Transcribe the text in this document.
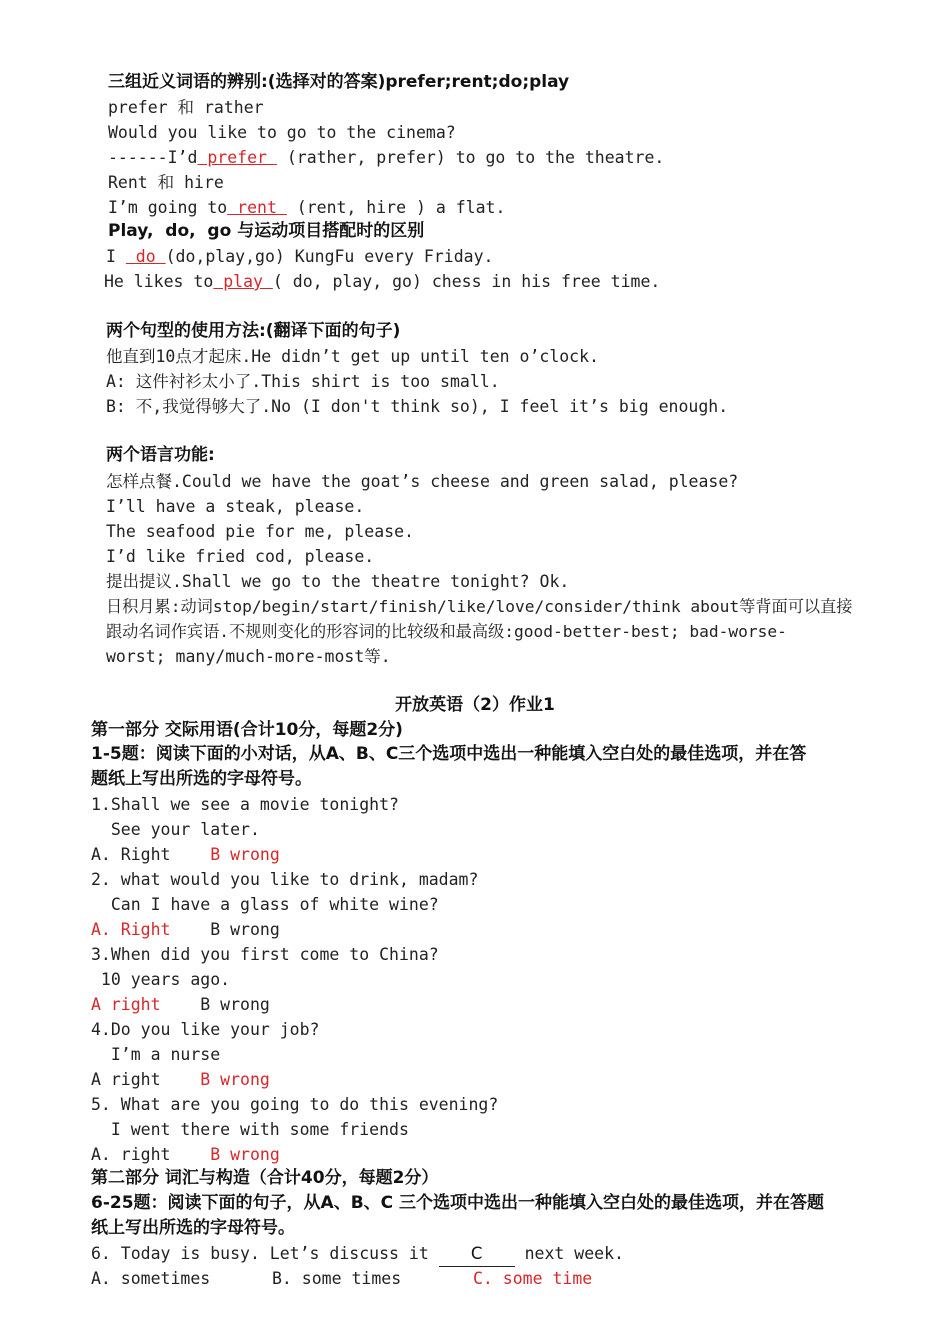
三组近义词语的辨别:(选择对的答案)prefer;rent;do;play
prefer 和 rather
Would you like to go to the cinema?
------I’d prefer  (rather, prefer) to go to the theatre.
Rent 和 hire
I’m going to rent  (rent, hire ) a flat.
Play,  do,  go 与运动项目搭配时的区别
I  do (do,play,go) KungFu every Friday.
He likes to play ( do, play, go) chess in his free time.
两个句型的使用方法:(翻译下面的句子)
他直到10点才起床.He didn’t get up until ten o’clock.
A: 这件衬衫太小了.This shirt is too small.
B: 不,我觉得够大了.No (I don't think so), I feel it’s big enough.
两个语言功能:
怎样点餐.Could we have the goat’s cheese and green salad, please?
I’ll have a steak, please.
The seafood pie for me, please.
I’d like fried cod, please.
提出提议.Shall we go to the theatre tonight? Ok.
日积月累:动词stop/begin/start/finish/like/love/consider/think about等背面可以直接
跟动名词作宾语.不规则变化的形容词的比较级和最高级:good-better-best; bad-worse-
worst; many/much-more-most等.
开放英语（2）作业1
第一部分 交际用语(合计10分，每题2分)
1-5题：阅读下面的小对话，从A、B、C三个选项中选出一种能填入空白处的最佳选项，并在答
题纸上写出所选的字母符号。
1.Shall we see a movie tonight?
See your later.
A. Right    B wrong
2. what would you like to drink, madam?
Can I have a glass of white wine?
A. Right    B wrong
3.When did you first come to China?
10 years ago.
A right    B wrong
4.Do you like your job?
I’m a nurse
A right    B wrong
5. What are you going to do this evening?
I went there with some friends
A. right    B wrong
第二部分 词汇与构造（合计40分，每题2分）
6-25题：阅读下面的句子，从A、B、C 三个选项中选出一种能填入空白处的最佳选项，并在答题
纸上写出所选的字母符号。
6. Today is busy. Let’s discuss it C next week.
A. sometimes	B. some times	C. some time
